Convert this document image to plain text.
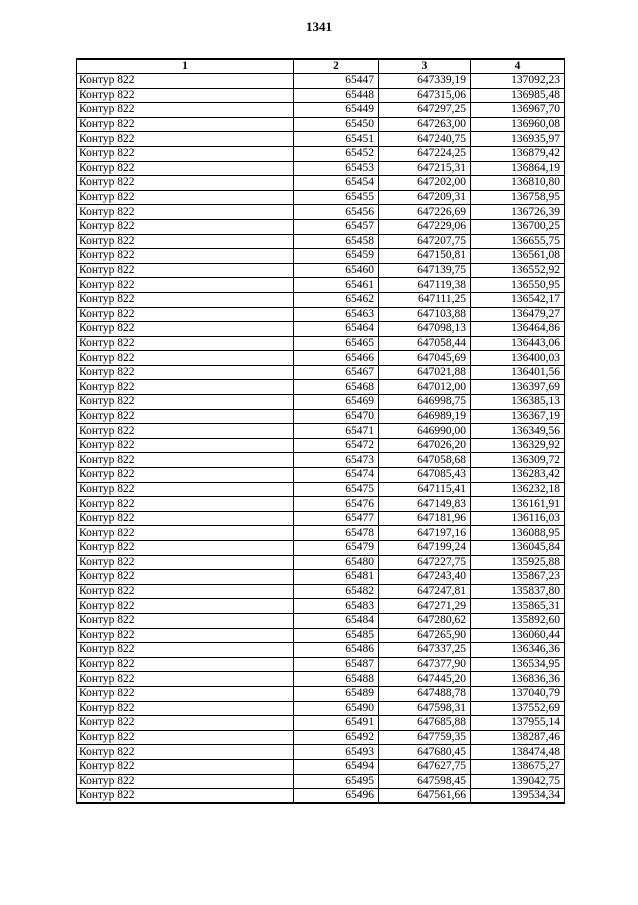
1341
1	2	3	4
Контур 822	65447	647339,19	137092,23
Контур 822	65448	647315,06	136985,48
Контур 822	65449	647297,25	136967,70
Контур 822	65450	647263,00	136960,08
Контур 822	65451	647240,75	136935,97
Контур 822	65452	647224,25	136879,42
Контур 822	65453	647215,31	136864,19
Контур 822	65454	647202,00	136810,80
Контур 822	65455	647209,31	136758,95
Контур 822	65456	647226,69	136726,39
Контур 822	65457	647229,06	136700,25
Контур 822	65458	647207,75	136655,75
Контур 822	65459	647150,81	136561,08
Контур 822	65460	647139,75	136552,92
Контур 822	65461	647119,38	136550,95
Контур 822	65462	647111,25	136542,17
Контур 822	65463	647103,88	136479,27
Контур 822	65464	647098,13	136464,86
Контур 822	65465	647058,44	136443,06
Контур 822	65466	647045,69	136400,03
Контур 822	65467	647021,88	136401,56
Контур 822	65468	647012,00	136397,69
Контур 822	65469	646998,75	136385,13
Контур 822	65470	646989,19	136367,19
Контур 822	65471	646990,00	136349,56
Контур 822	65472	647026,20	136329,92
Контур 822	65473	647058,68	136309,72
Контур 822	65474	647085,43	136283,42
Контур 822	65475	647115,41	136232,18
Контур 822	65476	647149,83	136161,91
Контур 822	65477	647181,96	136116,03
Контур 822	65478	647197,16	136088,95
Контур 822	65479	647199,24	136045,84
Контур 822	65480	647227,75	135925,88
Контур 822	65481	647243,40	135867,23
Контур 822	65482	647247,81	135837,80
Контур 822	65483	647271,29	135865,31
Контур 822	65484	647280,62	135892,60
Контур 822	65485	647265,90	136060,44
Контур 822	65486	647337,25	136346,36
Контур 822	65487	647377,90	136534,95
Контур 822	65488	647445,20	136836,36
Контур 822	65489	647488,78	137040,79
Контур 822	65490	647598,31	137552,69
Контур 822	65491	647685,88	137955,14
Контур 822	65492	647759,35	138287,46
Контур 822	65493	647680,45	138474,48
Контур 822	65494	647627,75	138675,27
Контур 822	65495	647598,45	139042,75
Контур 822	65496	647561,66	139534,34
